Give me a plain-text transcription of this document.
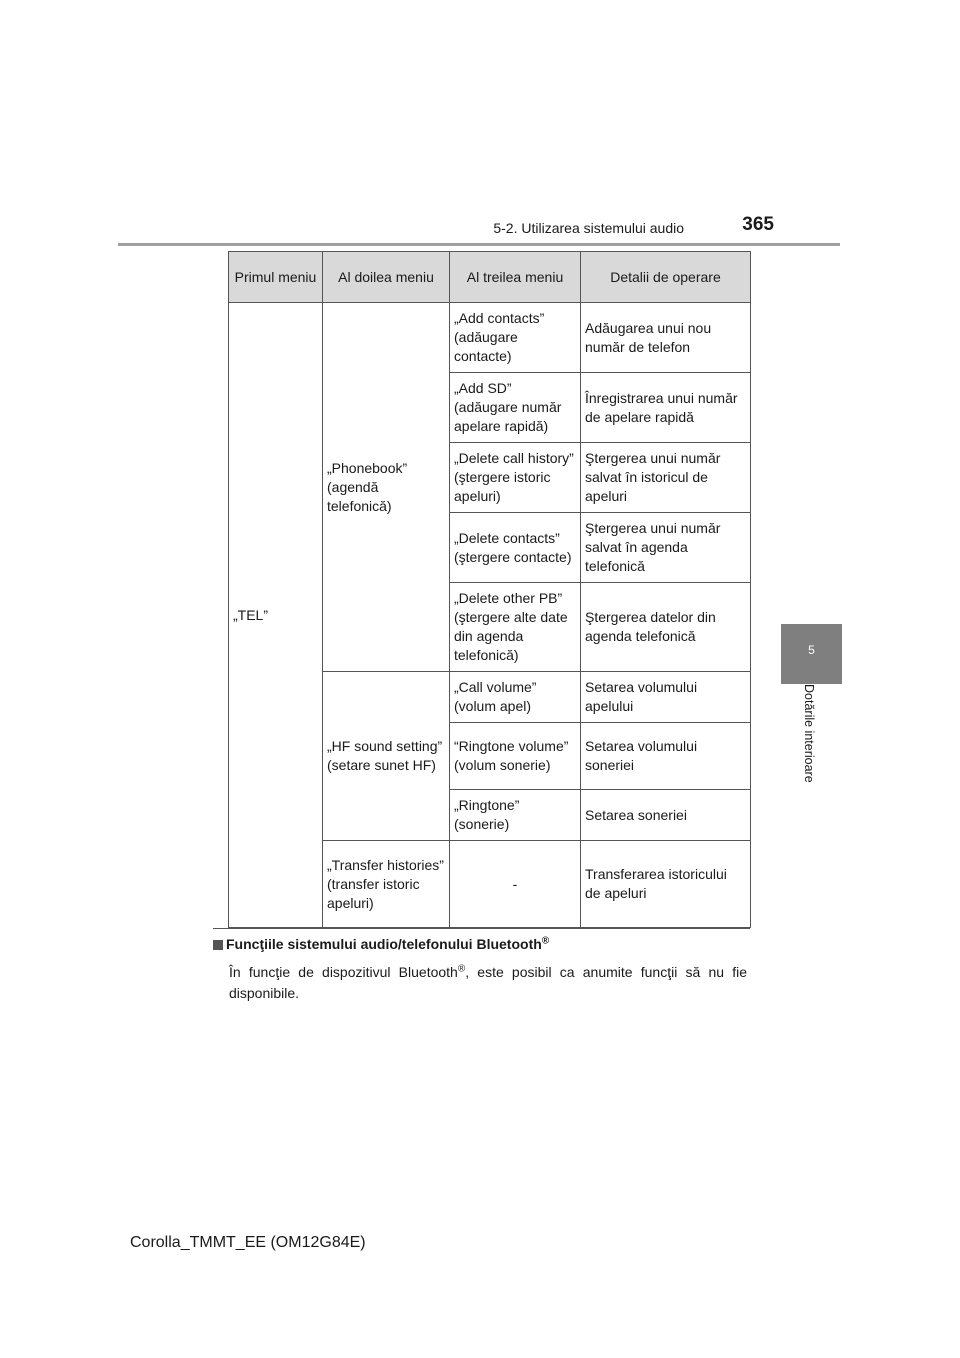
5-2. Utilizarea sistemului audio	365
5
Dotările interioare
Primul meniu	Al doilea meniu	Al treilea meniu	Detalii de operare
„TEL”	„Phonebook” (agendă telefonică)	„Add contacts” (adăugare contacte)	Adăugarea unui nou număr de telefon
		„Add SD” (adăugare număr apelare rapidă)	Înregistrarea unui număr de apelare rapidă
		„Delete call history” (ştergere istoric apeluri)	Ştergerea unui număr salvat în istoricul de apeluri
		„Delete contacts” (ştergere contacte)	Ştergerea unui număr salvat în agenda telefonică
		„Delete other PB” (ştergere alte date din agenda telefonică)	Ştergerea datelor din agenda telefonică
	„HF sound setting” (setare sunet HF)	„Call volume” (volum apel)	Setarea volumului apelului
		“Ringtone volume” (volum sonerie)	Setarea volumului soneriei
		„Ringtone” (sonerie)	Setarea soneriei
	„Transfer histories” (transfer istoric apeluri)	-	Transferarea istoricului de apeluri
Funcţiile sistemului audio/telefonului Bluetooth®
În funcţie de dispozitivul Bluetooth®, este posibil ca anumite funcţii să nu fie disponibile.
Corolla_TMMT_EE (OM12G84E)
